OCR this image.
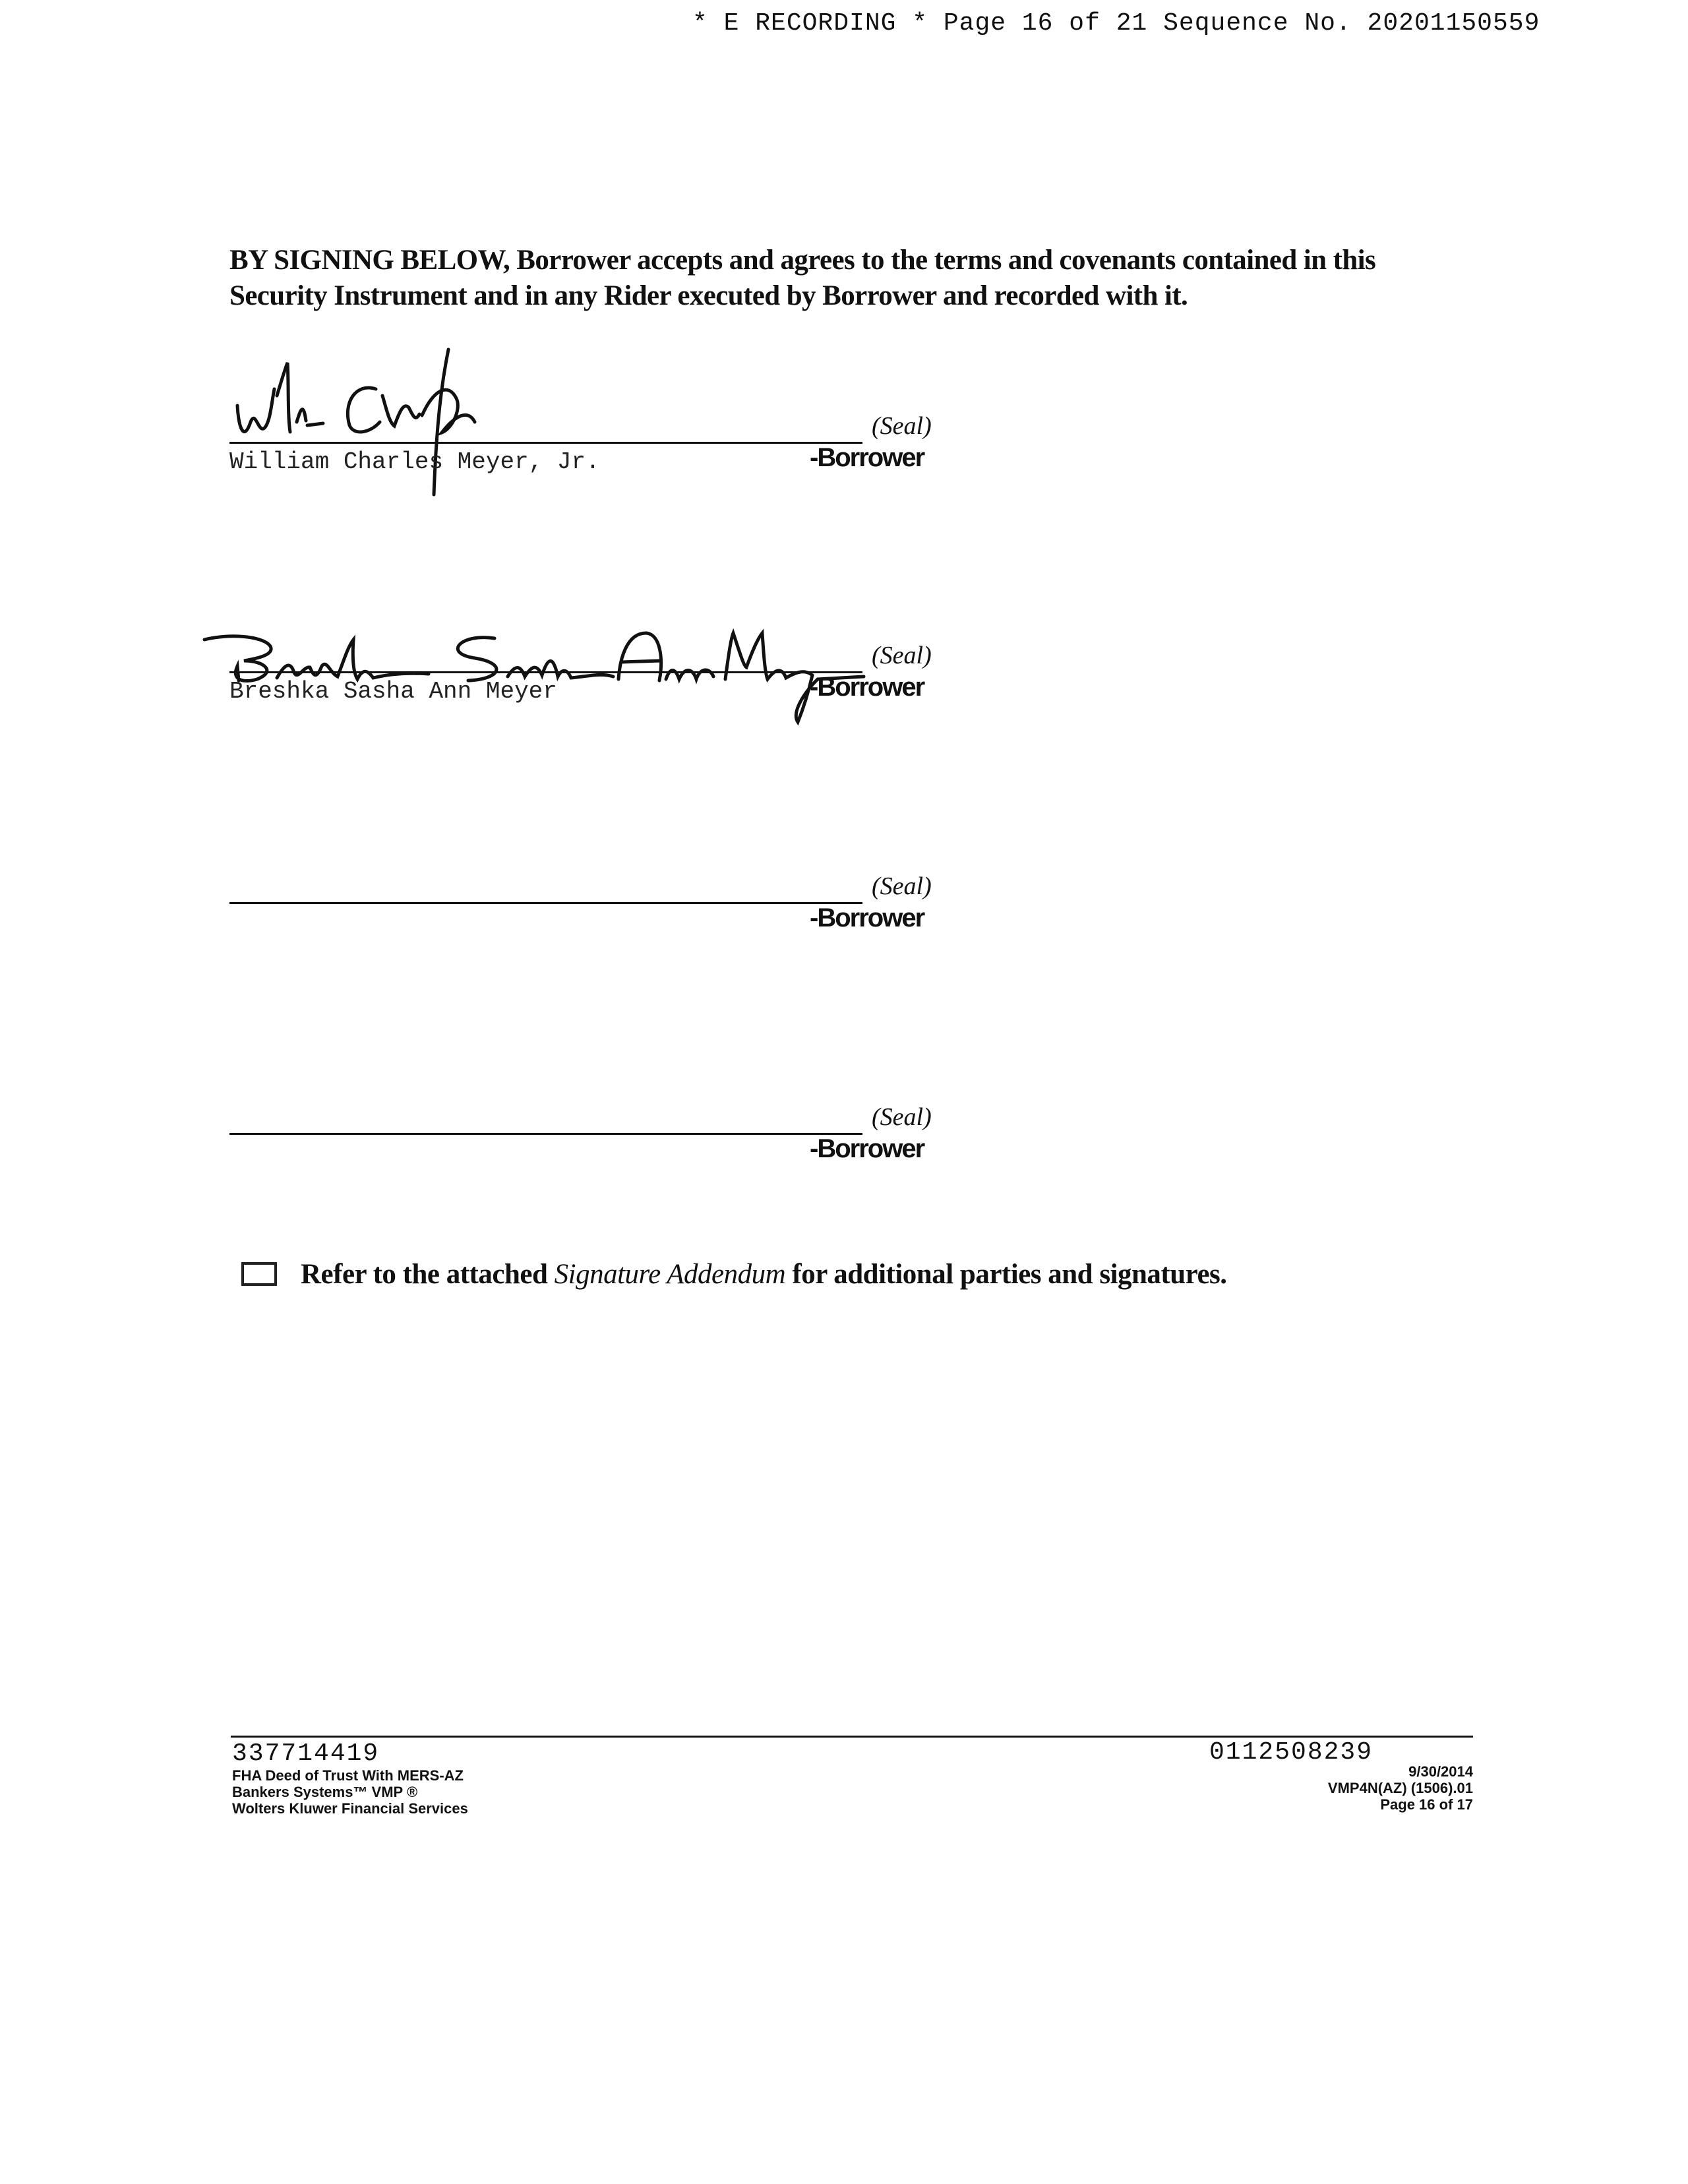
* E RECORDING * Page 16 of 21 Sequence No. 20201150559
BY SIGNING BELOW, Borrower accepts and agrees to the terms and covenants contained in this Security Instrument and in any Rider executed by Borrower and recorded with it.
William Charles Meyer, Jr.
(Seal)
-Borrower
Breshka Sasha Ann Meyer
(Seal)
-Borrower
(Seal)
-Borrower
(Seal)
-Borrower
Refer to the attached Signature Addendum for additional parties and signatures.
337714419
FHA Deed of Trust With MERS-AZ
Bankers Systems™ VMP ®
Wolters Kluwer Financial Services
0112508239
9/30/2014
VMP4N(AZ) (1506).01
Page 16 of 17
